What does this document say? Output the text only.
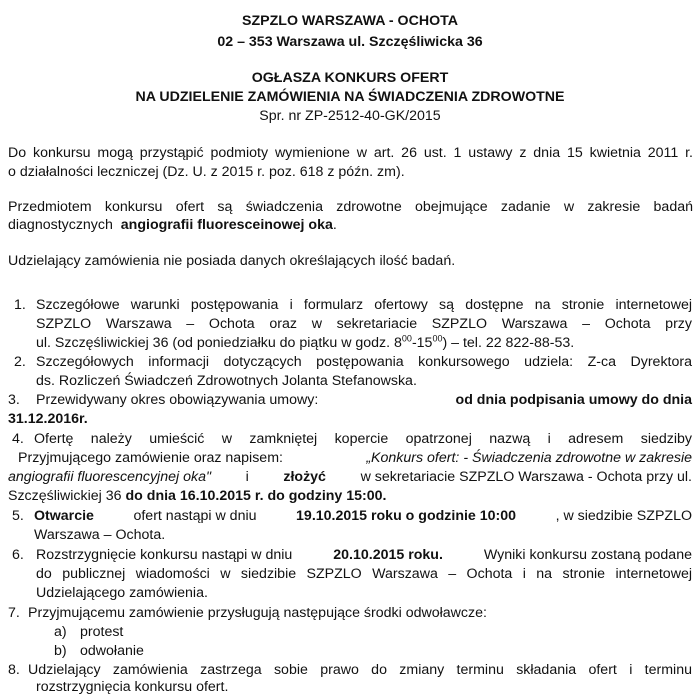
SZPZLO WARSZAWA - OCHOTA
02 – 353 Warszawa ul. Szczęśliwicka 36
OGŁASZA KONKURS OFERT
NA UDZIELENIE ZAMÓWIENIA NA ŚWIADCZENIA ZDROWOTNE
Spr. nr ZP-2512-40-GK/2015
Do konkursu mogą przystąpić podmioty wymienione w art. 26 ust. 1 ustawy z dnia 15 kwietnia 2011 r.
o działalności leczniczej (Dz. U. z 2015 r. poz. 618 z późn. zm).
Przedmiotem konkursu ofert są świadczenia zdrowotne obejmujące zadanie w zakresie badań
diagnostycznych angiografii fluoresceinowej oka.
Udzielający zamówienia nie posiada danych określających ilość badań.
1. Szczegółowe warunki postępowania i formularz ofertowy są dostępne na stronie internetowej
SZPZLO Warszawa – Ochota oraz w sekretariacie SZPZLO Warszawa – Ochota przy
ul. Szczęśliwickiej 36 (od poniedziałku do piątku w godz. $8^{00}-15^{00}$) – tel. 22 822-88-53.
2. Szczegółowych informacji dotyczących postępowania konkursowego udziela: Z-ca Dyrektora
ds. Rozliczeń Świadczeń Zdrowotnych Jolanta Stefanowska.
3. Przewidywany okres obowiązywania umowy:	od dnia podpisania umowy do dnia
31.12.2016r.
4. Ofertę należy umieścić w zamkniętej kopercie opatrzonej nazwą i adresem siedziby
Przyjmującego zamówienie oraz napisem:	„Konkurs ofert: - Świadczenia zdrowotne w zakresie
angiografii fluorescencyjnej oka" i złożyć w sekretariacie SZPZLO Warszawa - Ochota przy ul.
Szczęśliwickiej 36 do dnia 16.10.2015 r. do godziny 15:00.
5. Otwarcie	ofert nastąpi w dniu	19.10.2015 roku o godzinie 10:00	, w siedzibie SZPZLO
Warszawa – Ochota.
6. Rozstrzygnięcie konkursu nastąpi w dniu	20.10.2015 roku.	Wyniki konkursu zostaną podane
do publicznej wiadomości w siedzibie SZPZLO Warszawa – Ochota i na stronie internetowej
Udzielającego zamówienia.
7. Przyjmującemu zamówienie przysługują następujące środki odwoławcze:
a) protest
b) odwołanie
8. Udzielający zamówienia zastrzega sobie prawo do zmiany terminu składania ofert i terminu
rozstrzygnięcia konkursu ofert.
